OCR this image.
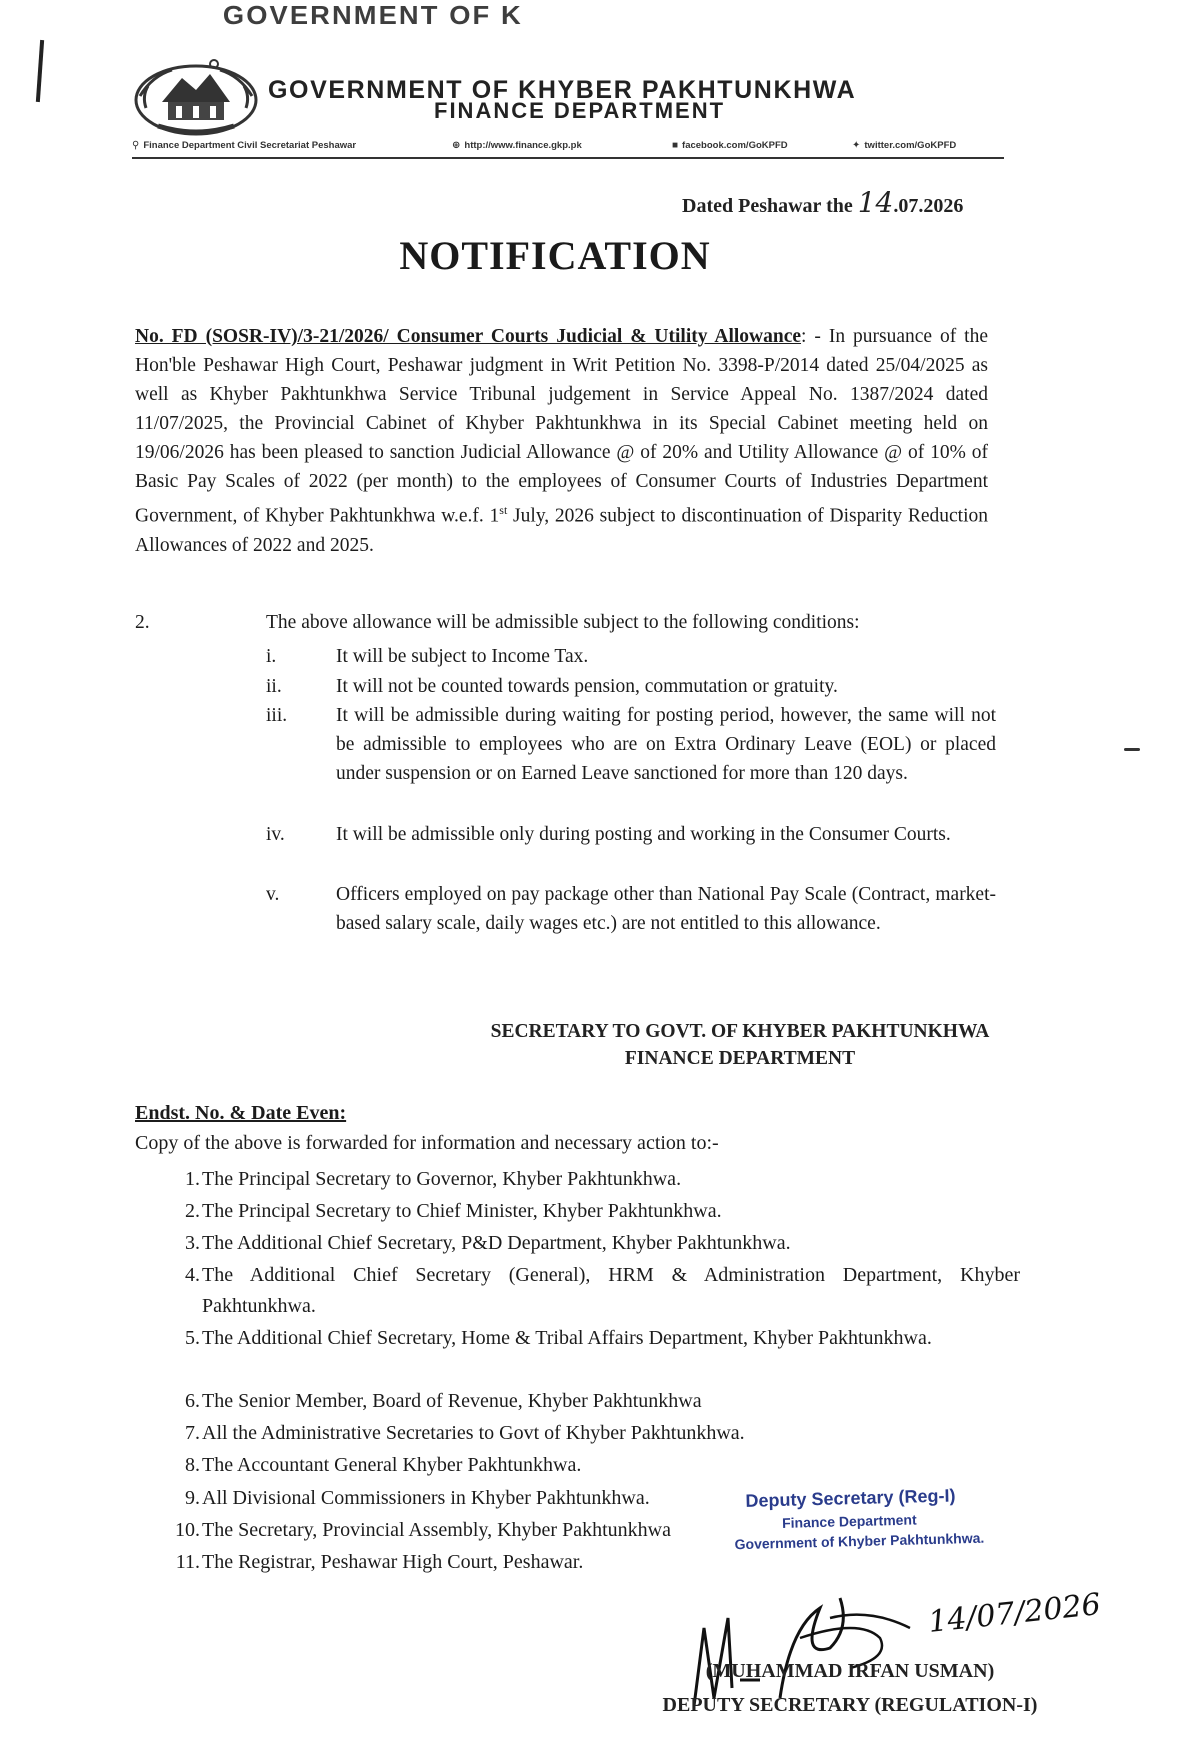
GOVERNMENT OF K
GOVERNMENT OF KHYBER PAKHTUNKHWA
FINANCE DEPARTMENT
⚲ Finance Department Civil Secretariat Peshawar	⊕ http://www.finance.gkp.pk	■ facebook.com/GoKPFD	✦ twitter.com/GoKPFD
Dated Peshawar the 14.07.2026
NOTIFICATION
No. FD (SOSR-IV)/3-21/2026/ Consumer Courts Judicial & Utility Allowance: - In pursuance of the Hon'ble Peshawar High Court, Peshawar judgment in Writ Petition No. 3398-P/2014 dated 25/04/2025 as well as Khyber Pakhtunkhwa Service Tribunal judgement in Service Appeal No. 1387/2024 dated 11/07/2025, the Provincial Cabinet of Khyber Pakhtunkhwa in its Special Cabinet meeting held on 19/06/2026 has been pleased to sanction Judicial Allowance @ of 20% and Utility Allowance @ of 10% of Basic Pay Scales of 2022 (per month) to the employees of Consumer Courts of Industries Department Government, of Khyber Pakhtunkhwa w.e.f. 1st July, 2026 subject to discontinuation of Disparity Reduction Allowances of 2022 and 2025.
2.	The above allowance will be admissible subject to the following conditions:
i.	It will be subject to Income Tax.
ii.	It will not be counted towards pension, commutation or gratuity.
iii.	It will be admissible during waiting for posting period, however, the same will not be admissible to employees who are on Extra Ordinary Leave (EOL) or placed under suspension or on Earned Leave sanctioned for more than 120 days.
iv.	It will be admissible only during posting and working in the Consumer Courts.
v.	Officers employed on pay package other than National Pay Scale (Contract, market-based salary scale, daily wages etc.) are not entitled to this allowance.
SECRETARY TO GOVT. OF KHYBER PAKHTUNKHWA
FINANCE DEPARTMENT
Endst. No. & Date Even:
Copy of the above is forwarded for information and necessary action to:-
1. The Principal Secretary to Governor, Khyber Pakhtunkhwa.
2. The Principal Secretary to Chief Minister, Khyber Pakhtunkhwa.
3. The Additional Chief Secretary, P&D Department, Khyber Pakhtunkhwa.
4. The Additional Chief Secretary (General), HRM & Administration Department, Khyber Pakhtunkhwa.
5. The Additional Chief Secretary, Home & Tribal Affairs Department, Khyber Pakhtunkhwa.
6. The Senior Member, Board of Revenue, Khyber Pakhtunkhwa
7. All the Administrative Secretaries to Govt of Khyber Pakhtunkhwa.
8. The Accountant General Khyber Pakhtunkhwa.
9. All Divisional Commissioners in Khyber Pakhtunkhwa.
10. The Secretary, Provincial Assembly, Khyber Pakhtunkhwa
11. The Registrar, Peshawar High Court, Peshawar.
Deputy Secretary (Reg-I)
Finance Department
Government of Khyber Pakhtunkhwa.
14/07/2026
(MUHAMMAD IRFAN USMAN)
DEPUTY SECRETARY (REGULATION-I)
